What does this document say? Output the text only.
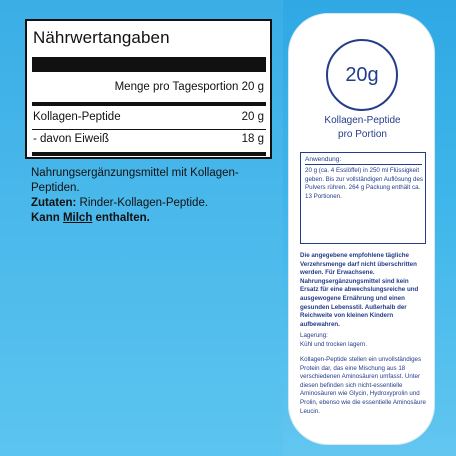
Nährwertangaben
Menge pro Tagesportion 20 g
Kollagen-Peptide	20 g
- davon Eiweiß	18 g
Nahrungsergänzungsmittel mit Kollagen-Peptiden.
Zutaten: Rinder-Kollagen-Peptide.
Kann Milch enthalten.
20g
Kollagen-Peptide
pro Portion
Anwendung:
20 g (ca. 4 Esslöffel) in 250 ml Flüssigkeit geben. Bis zur vollständigen Auflösung des Pulvers rühren. 264 g Packung enthält ca. 13 Portionen.
Die angegebene empfohlene tägliche Verzehrsmenge darf nicht überschritten werden. Für Erwachsene. Nahrungsergänzungsmittel sind kein Ersatz für eine abwechslungsreiche und ausgewogene Ernährung und einen gesunden Lebensstil. Außerhalb der Reichweite von kleinen Kindern aufbewahren.
Lagerung:
Kühl und trocken lagern.
Kollagen-Peptide stellen ein unvollständiges Protein dar, das eine Mischung aus 18 verschiedenen Aminosäuren umfasst. Unter diesen befinden sich nicht-essentielle Aminosäuren wie Glycin, Hydroxyprolin und Prolin, ebenso wie die essentielle Aminosäure Leucin.
